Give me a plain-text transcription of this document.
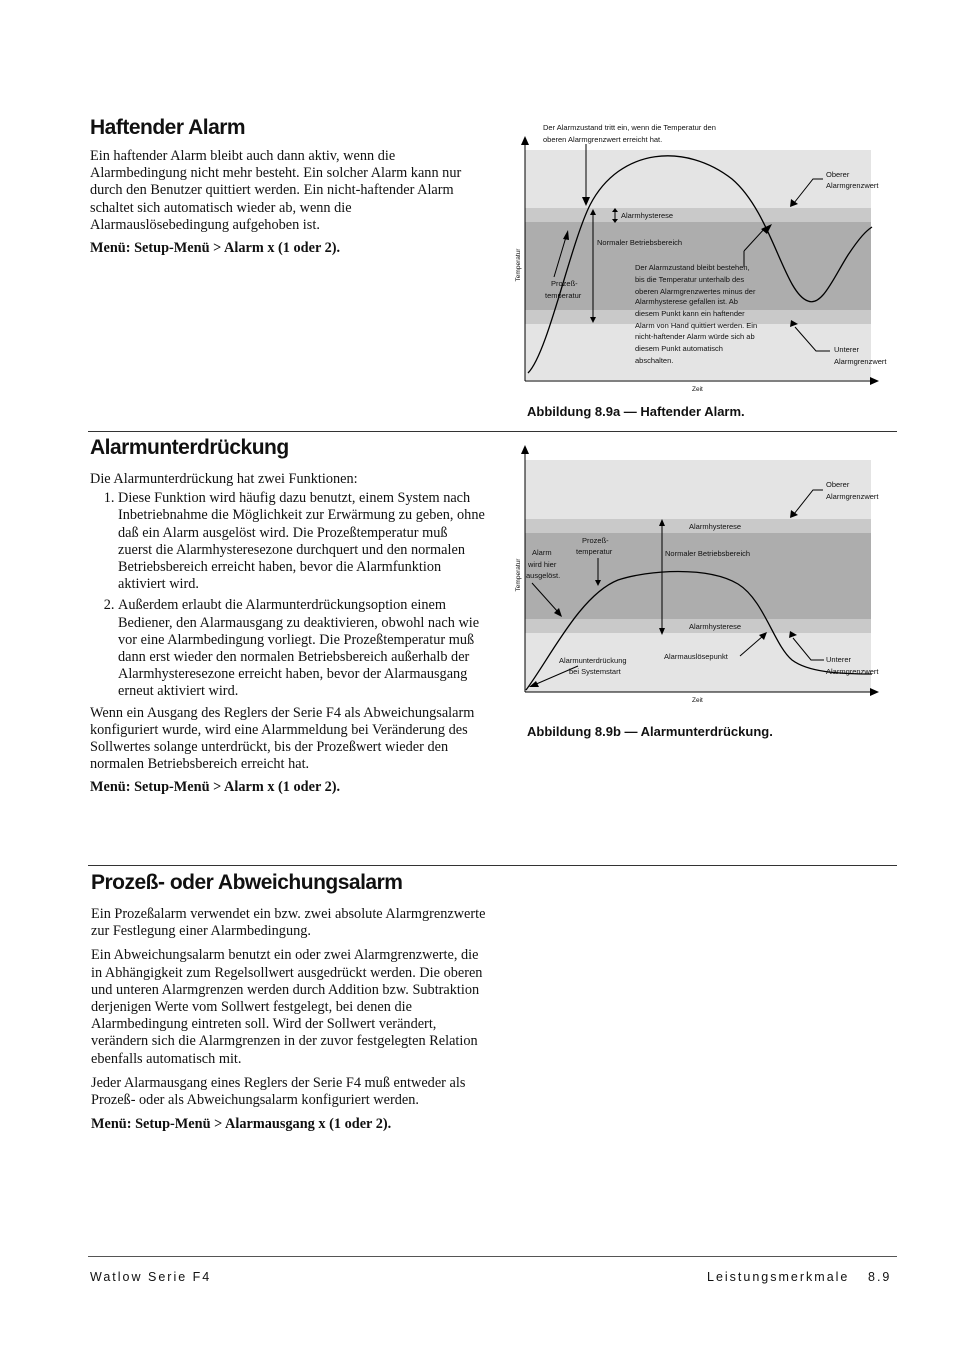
Haftender Alarm

Ein haftender Alarm bleibt auch dann aktiv, wenn die Alarmbedingung nicht mehr besteht. Ein solcher Alarm kann nur durch den Benutzer quittiert werden. Ein nicht-haftender Alarm schaltet sich automatisch wieder ab, wenn die Alarmauslösebedingung aufgehoben ist.

Menü: Setup-Menü > Alarm x (1 oder 2).

Der Alarmzustand tritt ein, wenn die Temperatur den
oberen Alarmgrenzwert erreicht hat.
Oberer
Alarmgrenzwert
Alarmhysterese
Normaler Betriebsbereich
Prozeß-
temperatur
Der Alarmzustand bleibt bestehen,
bis die Temperatur unterhalb des
oberen Alarmgrenzwertes minus der
Alarmhysterese gefallen ist. Ab
diesem Punkt kann ein haftender
Alarm von Hand quittiert werden. Ein
nicht-haftender Alarm würde sich ab
diesem Punkt automatisch
abschalten.
Unterer
Alarmgrenzwert
Temperatur
Zeit
Abbildung 8.9a — Haftender Alarm.
Alarmunterdrückung

Die Alarmunterdrückung hat zwei Funktionen:

1. Diese Funktion wird häufig dazu benutzt, einem System nach Inbetriebnahme die Möglichkeit zur Erwärmung zu geben, ohne daß ein Alarm ausgelöst wird. Die Prozeßtemperatur muß zuerst die Alarmhysteresezone durchquert und den normalen Betriebsbereich erreicht haben, bevor die Alarmfunktion aktiviert wird.
2. Außerdem erlaubt die Alarmunterdrückungsoption einem Bediener, den Alarmausgang zu deaktivieren, obwohl nach wie vor eine Alarmbedingung vorliegt. Die Prozeßtemperatur muß dann erst wieder den normalen Betriebsbereich außerhalb der Alarmhysteresezone erreicht haben, bevor der Alarmausgang erneut aktiviert wird.

Wenn ein Ausgang des Reglers der Serie F4 als Abweichungsalarm konfiguriert wurde, wird eine Alarmmeldung bei Veränderung des Sollwertes solange unterdrückt, bis der Prozeßwert wieder den normalen Betriebsbereich erreicht hat.

Menü: Setup-Menü > Alarm x (1 oder 2).

Oberer
Alarmgrenzwert
Alarmhysterese
Normaler Betriebsbereich
Alarmhysterese
Prozeß-
temperatur
Alarm
wird hier
ausgelöst.
Alarmunterdrückung
bei Systemstart
Alarmauslösepunkt	Unterer
Alarmgrenzwert
Temperatur
Zeit
Abbildung 8.9b — Alarmunterdrückung.
Prozeß- oder Abweichungsalarm

Ein Prozeßalarm verwendet ein bzw. zwei absolute Alarmgrenzwerte zur Festlegung einer Alarmbedingung.

Ein Abweichungsalarm benutzt ein oder zwei Alarmgrenzwerte, die in Abhängigkeit zum Regelsollwert ausgedrückt werden. Die oberen und unteren Alarmgrenzen werden durch Addition bzw. Subtraktion derjenigen Werte vom Sollwert festgelegt, bei denen die Alarmbedingung eintreten soll. Wird der Sollwert verändert, verändern sich die Alarmgrenzen in der zuvor festgelegten Relation ebenfalls automatisch mit.

Jeder Alarmausgang eines Reglers der Serie F4 muß entweder als Prozeß- oder als Abweichungsalarm konfiguriert werden.

Menü: Setup-Menü > Alarmausgang x (1 oder 2).

Watlow Serie F4	Leistungsmerkmale 8.9
